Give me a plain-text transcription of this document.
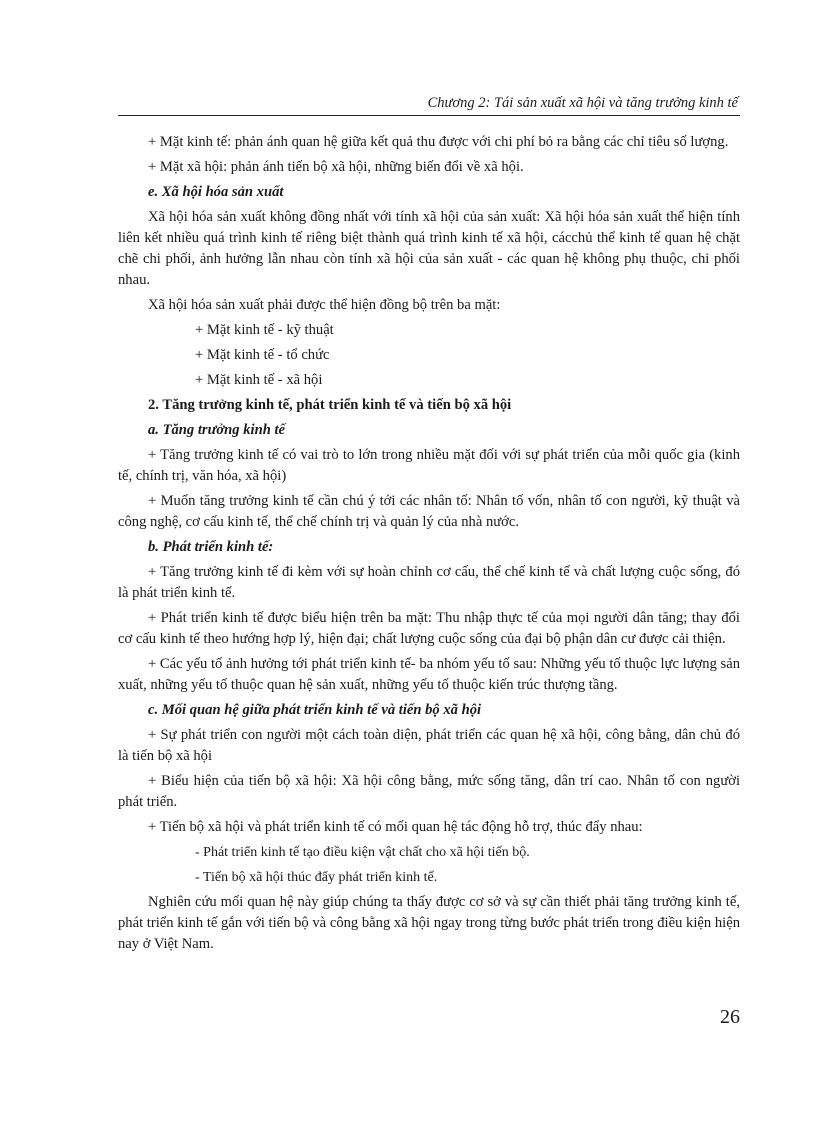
Chương 2: Tái sản xuất xã hội và tăng trưởng kinh tế

+ Mặt kinh tế: phản ánh quan hệ giữa kết quả thu được với chi phí bỏ ra bằng các chỉ tiêu số lượng.

+ Mặt xã hội: phản ánh tiến bộ xã hội, những biến đổi về xã hội.

e. Xã hội hóa sản xuất

Xã hội hóa sản xuất không đồng nhất với tính xã hội của sản xuất: Xã hội hóa sản xuất thể hiện tính liên kết nhiều quá trình kinh tế riêng biệt thành quá trình kinh tế xã hội, cácchủ thể kinh tế quan hệ chặt chẽ chi phối, ảnh hưởng lẫn nhau còn tính xã hội của sản xuất - các quan hệ không phụ thuộc, chi phối nhau.

Xã hội hóa sản xuất phải được thể hiện đồng bộ trên ba mặt:

+ Mặt kinh tế - kỹ thuật

+ Mặt kinh tế - tổ chức

+ Mặt kinh tế - xã hội

2. Tăng trưởng kinh tế, phát triển kinh tế và tiến bộ xã hội

a. Tăng trưởng kinh tế

+ Tăng trưởng kinh tế có vai trò to lớn trong nhiều mặt đối với sự phát triển của mỗi quốc gia (kinh tế, chính trị, văn hóa, xã hội)

+ Muốn tăng trưởng kinh tế cần chú ý tới các nhân tố: Nhân tố vốn, nhân tố con người, kỹ thuật và công nghệ, cơ cấu kinh tế, thể chế chính trị và quản lý của nhà nước.

b. Phát triển kinh tế:

+ Tăng trưởng kinh tế đi kèm với sự hoàn chỉnh cơ cấu, thể chế kinh tế và chất lượng cuộc sống, đó là phát triển kinh tế.

+ Phát triển kinh tế được biểu hiện trên ba mặt: Thu nhập thực tế của mọi người dân tăng; thay đổi cơ cấu kinh tế theo hướng hợp lý, hiện đại; chất lượng cuộc sống của đại bộ phận dân cư được cải thiện.

+ Các yếu tố ảnh hưởng tới phát triển kinh tế- ba nhóm yếu tố sau: Những yếu tố thuộc lực lượng sản xuất, những yếu tố thuộc quan hệ sản xuất, những yếu tố thuộc kiến trúc thượng tầng.

c. Mối quan hệ giữa phát triển kinh tế và tiến bộ xã hội

+ Sự phát triển con người một cách toàn diện, phát triển các quan hệ xã hội, công bằng, dân chủ đó là tiến bộ xã hội

+ Biểu hiện của tiến bộ xã hội: Xã hội công bằng, mức sống tăng, dân trí cao. Nhân tố con người phát triển.

+ Tiến bộ xã hội và phát triển kinh tế có mối quan hệ tác động hỗ trợ, thúc đẩy nhau:

- Phát triển kinh tế tạo điều kiện vật chất cho xã hội tiến bộ.

- Tiến bộ xã hội thúc đẩy phát triển kinh tế.

Nghiên cứu mối quan hệ này giúp chúng ta thấy được cơ sở và sự cần thiết phải tăng trưởng kinh tế, phát triển kinh tế gắn với tiến bộ và công bằng xã hội ngay trong từng bước phát triển trong điều kiện hiện nay ở Việt Nam.

26
